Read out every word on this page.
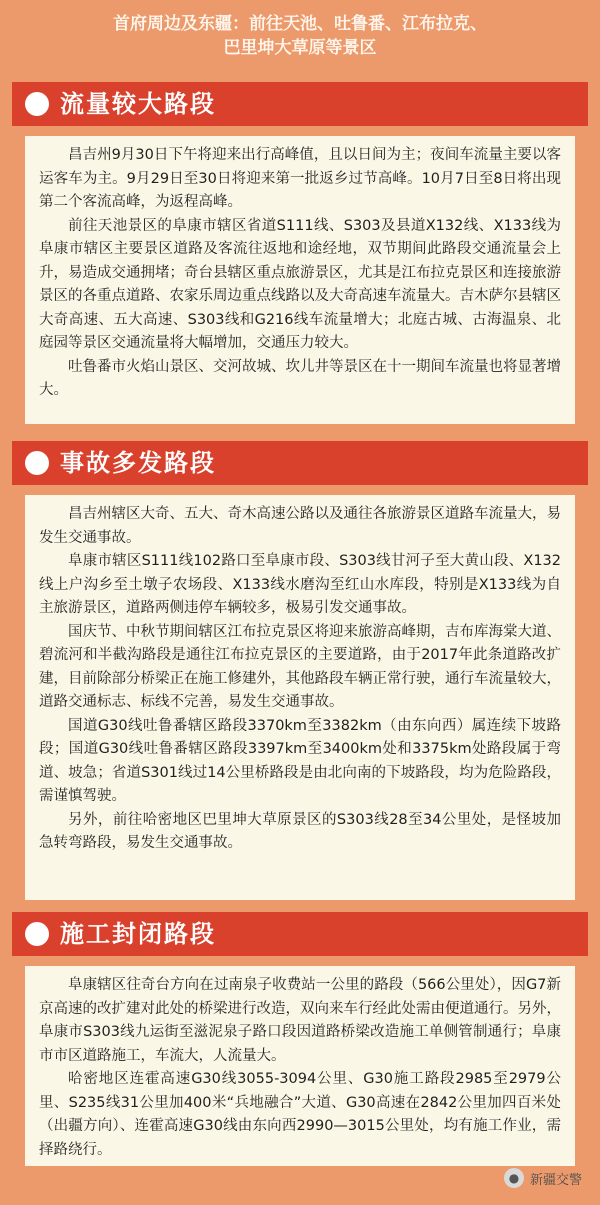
首府周边及东疆：前往天池、吐鲁番、江布拉克、
巴里坤大草原等景区
流量较大路段

昌吉州9月30日下午将迎来出行高峰值，且以日间为主；夜间车流量主要以客运客车为主。9月29日至30日将迎来第一批返乡过节高峰。10月7日至8日将出现第二个客流高峰，为返程高峰。

前往天池景区的阜康市辖区省道S111线、S303及县道X132线、X133线为阜康市辖区主要景区道路及客流往返地和途经地，双节期间此路段交通流量会上升，易造成交通拥堵；奇台县辖区重点旅游景区，尤其是江布拉克景区和连接旅游景区的各重点道路、农家乐周边重点线路以及大奇高速车流量大。吉木萨尔县辖区大奇高速、五大高速、S303线和G216线车流量增大；北庭古城、古海温泉、北庭园等景区交通流量将大幅增加，交通压力较大。

吐鲁番市火焰山景区、交河故城、坎儿井等景区在十一期间车流量也将显著增大。

事故多发路段

昌吉州辖区大奇、五大、奇木高速公路以及通往各旅游景区道路车流量大，易发生交通事故。

阜康市辖区S111线102路口至阜康市段、S303线甘河子至大黄山段、X132线上户沟乡至土墩子农场段、X133线水磨沟至红山水库段，特别是X133线为自主旅游景区，道路两侧违停车辆较多，极易引发交通事故。

国庆节、中秋节期间辖区江布拉克景区将迎来旅游高峰期，吉布库海棠大道、碧流河和半截沟路段是通往江布拉克景区的主要道路，由于2017年此条道路改扩建，目前除部分桥梁正在施工修建外，其他路段车辆正常行驶，通行车流量较大，道路交通标志、标线不完善，易发生交通事故。

国道G30线吐鲁番辖区路段3370km至3382km（由东向西）属连续下坡路段；国道G30线吐鲁番辖区路段3397km至3400km处和3375km处路段属于弯道、坡急；省道S301线过14公里桥路段是由北向南的下坡路段，均为危险路段，需谨慎驾驶。

另外，前往哈密地区巴里坤大草原景区的S303线28至34公里处，是怪坡加急转弯路段，易发生交通事故。

施工封闭路段

阜康辖区往奇台方向在过南泉子收费站一公里的路段（566公里处），因G7新京高速的改扩建对此处的桥梁进行改造，双向来车行经此处需由便道通行。另外，阜康市S303线九运街至滋泥泉子路口段因道路桥梁改造施工单侧管制通行；阜康市市区道路施工，车流大，人流量大。

哈密地区连霍高速G30线3055-3094公里、G30施工路段2985至2979公里、S235线31公里加400米“兵地融合”大道、G30高速在2842公里加四百米处（出疆方向）、连霍高速G30线由东向西2990—3015公里处，均有施工作业，需择路绕行。

● 新疆交警
